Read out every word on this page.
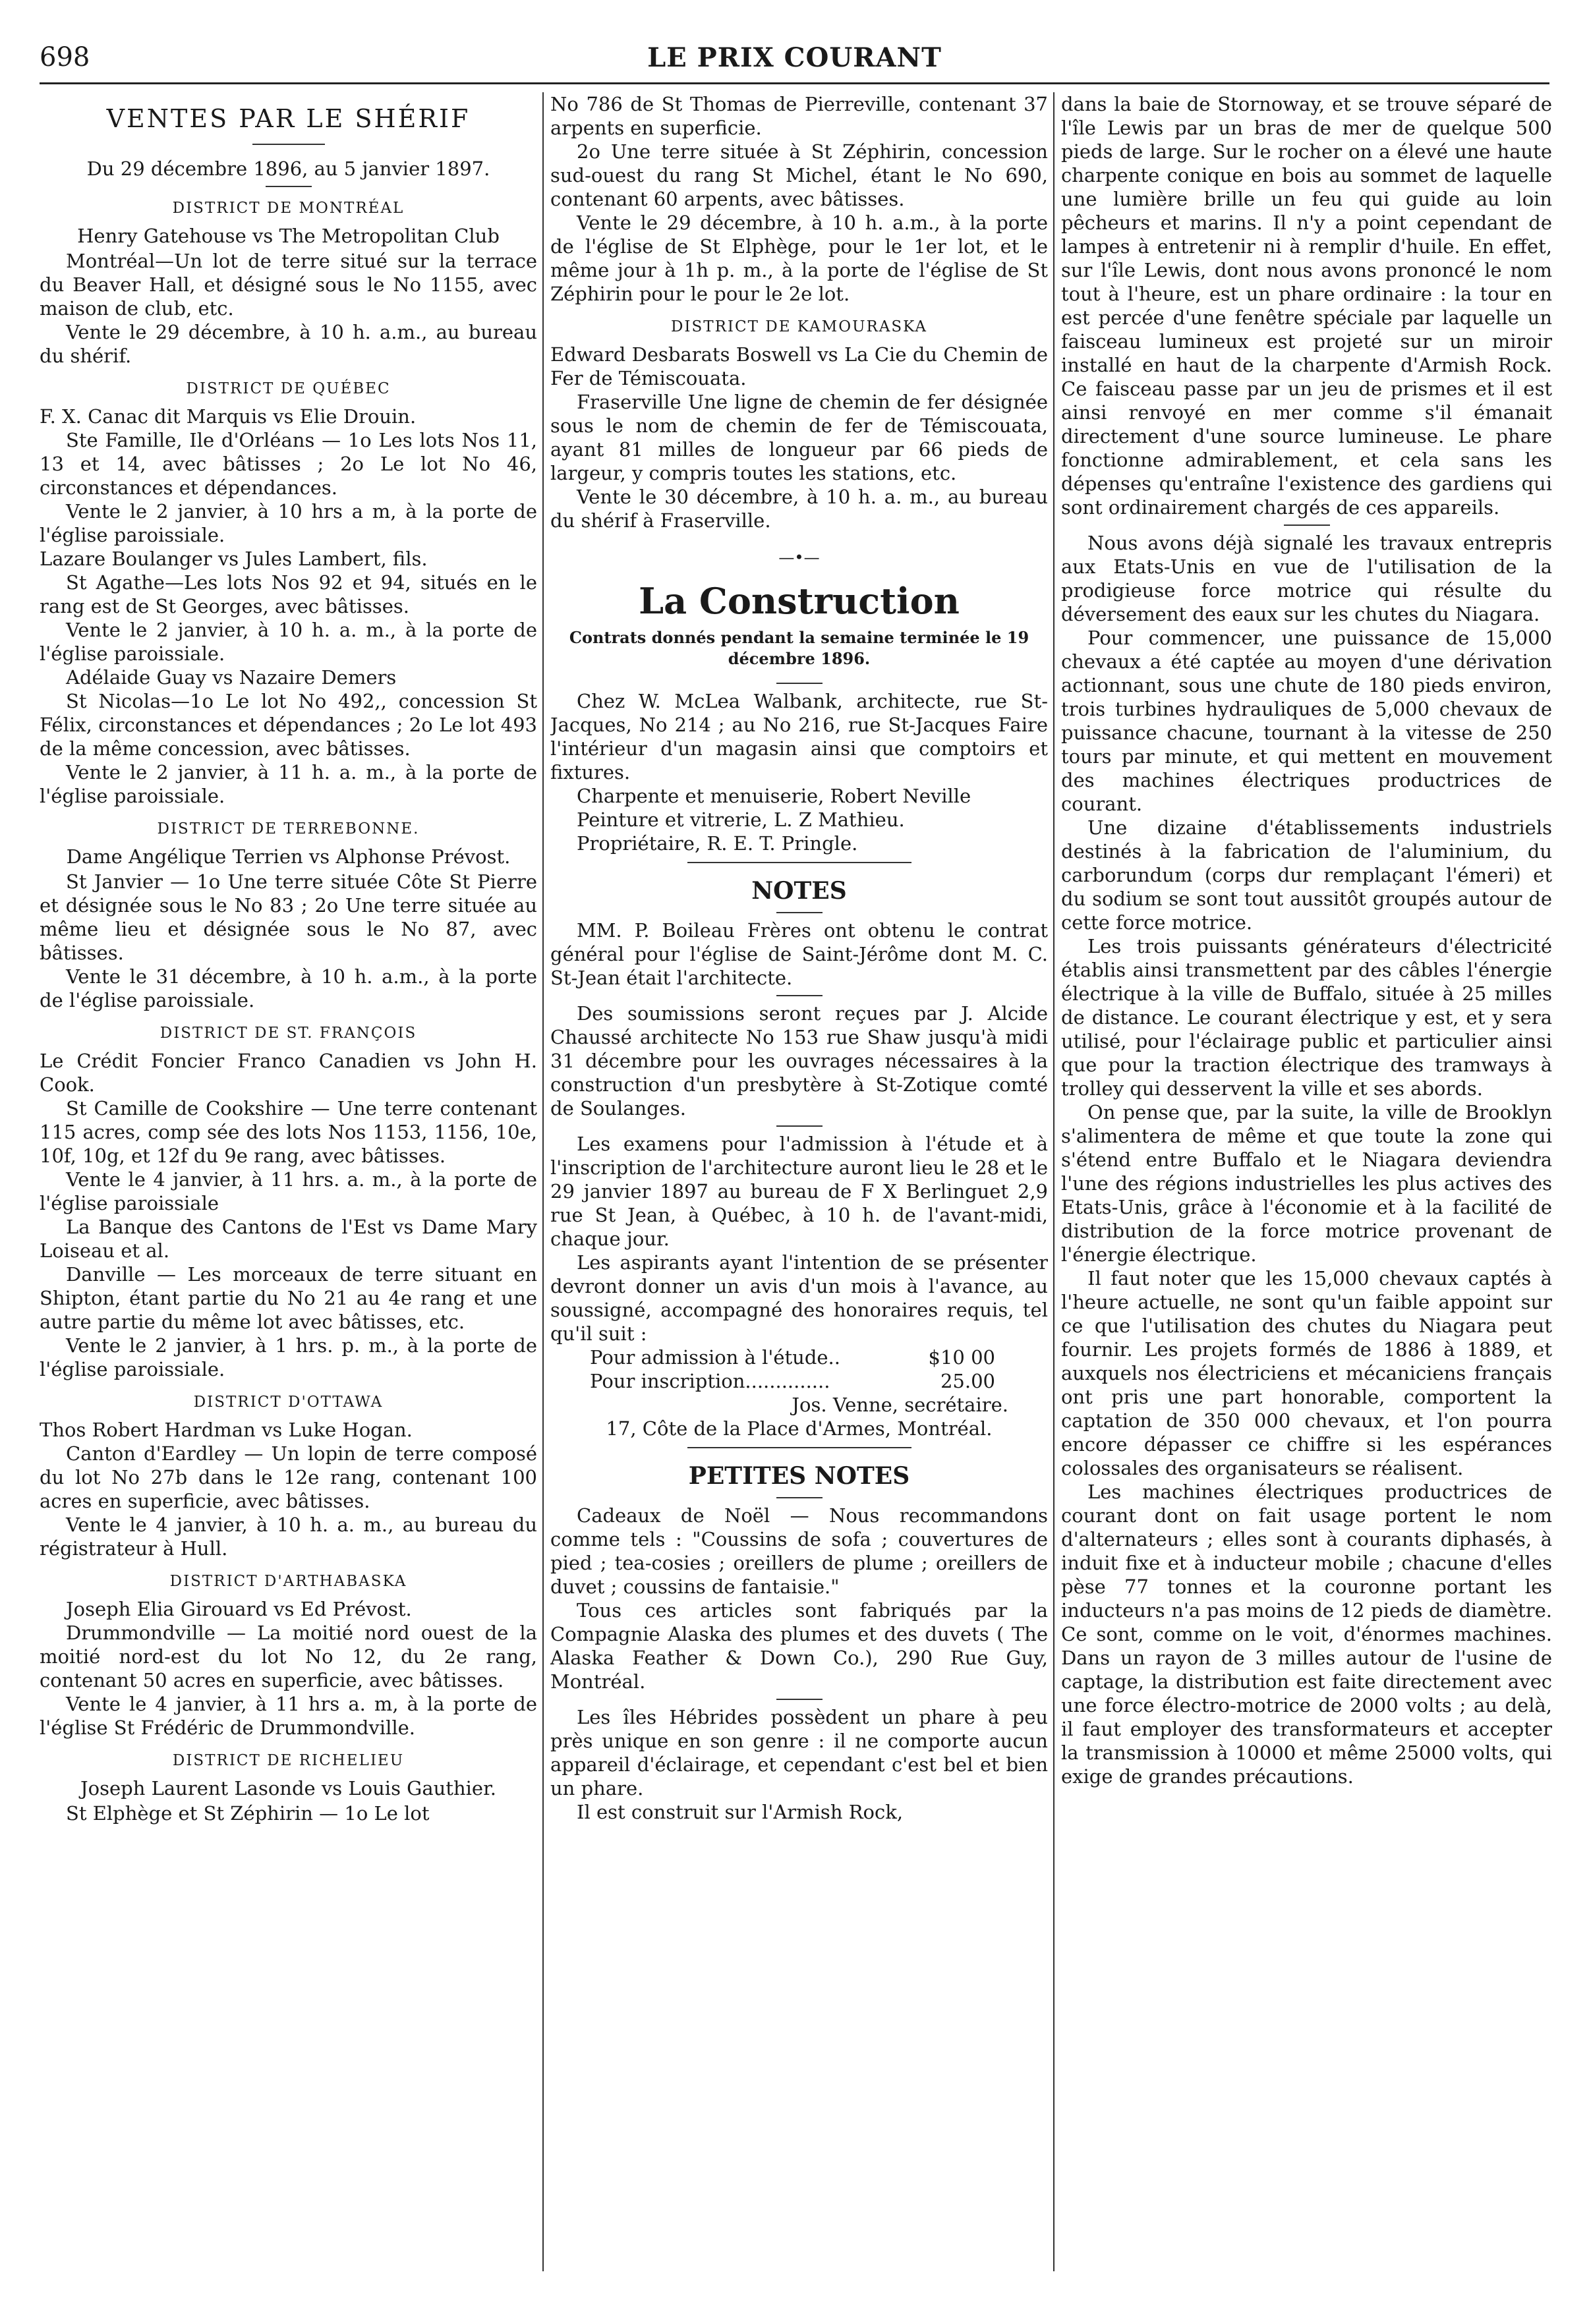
698	LE PRIX COURANT
VENTES PAR LE SHÉRIF

Du 29 décembre 1896, au 5 janvier 1897.

DISTRICT DE MONTRÉAL
Henry Gatehouse vs The Metropolitan Club

Montréal—Un lot de terre situé sur la terrace du Beaver Hall, et désigné sous le No 1155, avec maison de club, etc.

Vente le 29 décembre, à 10 h. a.m., au bureau du shérif.

DISTRICT DE QUÉBEC

F. X. Canac dit Marquis vs Elie Drouin.

Ste Famille, Ile d'Orléans — 1o Les lots Nos 11, 13 et 14, avec bâtisses ; 2o Le lot No 46, circonstances et dépendances.

Vente le 2 janvier, à 10 hrs a m, à la porte de l'église paroissiale.

Lazare Boulanger vs Jules Lambert, fils.

St Agathe—Les lots Nos 92 et 94, situés en le rang est de St Georges, avec bâtisses.

Vente le 2 janvier, à 10 h. a. m., à la porte de l'église paroissiale.

Adélaide Guay vs Nazaire Demers

St Nicolas—1o Le lot No 492,, concession St Félix, circonstances et dépendances ; 2o Le lot 493 de la même concession, avec bâtisses.

Vente le 2 janvier, à 11 h. a. m., à la porte de l'église paroissiale.

DISTRICT DE TERREBONNE.
Dame Angélique Terrien vs Alphonse Prévost.

St Janvier — 1o Une terre située Côte St Pierre et désignée sous le No 83 ; 2o Une terre située au même lieu et désignée sous le No 87, avec bâtisses.

Vente le 31 décembre, à 10 h. a.m., à la porte de l'église paroissiale.

DISTRICT DE ST. FRANÇOIS

Le Crédit Foncier Franco Canadien vs John H. Cook.

St Camille de Cookshire — Une terre contenant 115 acres, comp sée des lots Nos 1153, 1156, 10e, 10f, 10g, et 12f du 9e rang, avec bâtisses.

Vente le 4 janvier, à 11 hrs. a. m., à la porte de l'église paroissiale

La Banque des Cantons de l'Est vs Dame Mary Loiseau et al.

Danville — Les morceaux de terre situant en Shipton, étant partie du No 21 au 4e rang et une autre partie du même lot avec bâtisses, etc.

Vente le 2 janvier, à 1 hrs. p. m., à la porte de l'église paroissiale.

DISTRICT D'OTTAWA

Thos Robert Hardman vs Luke Hogan.

Canton d'Eardley — Un lopin de terre composé du lot No 27b dans le 12e rang, contenant 100 acres en superficie, avec bâtisses.

Vente le 4 janvier, à 10 h. a. m., au bureau du régistrateur à Hull.

DISTRICT D'ARTHABASKA

Joseph Elia Girouard vs Ed Prévost.

Drummondville — La moitié nord ouest de la moitié nord-est du lot No 12, du 2e rang, contenant 50 acres en superficie, avec bâtisses.

Vente le 4 janvier, à 11 hrs a. m, à la porte de l'église St Frédéric de Drummondville.

DISTRICT DE RICHELIEU
Joseph Laurent Lasonde vs Louis Gauthier.

St Elphège et St Zéphirin — 1o Le lot

No 786 de St Thomas de Pierreville, contenant 37 arpents en superficie.

2o Une terre située à St Zéphirin, concession sud-ouest du rang St Michel, étant le No 690, contenant 60 arpents, avec bâtisses.

Vente le 29 décembre, à 10 h. a.m., à la porte de l'église de St Elphège, pour le 1er lot, et le même jour à 1h p. m., à la porte de l'église de St Zéphirin pour le pour le 2e lot.

DISTRICT DE KAMOURASKA

Edward Desbarats Boswell vs La Cie du Chemin de Fer de Témiscouata.

Fraserville Une ligne de chemin de fer désignée sous le nom de chemin de fer de Témiscouata, ayant 81 milles de longueur par 66 pieds de largeur, y compris toutes les stations, etc.

Vente le 30 décembre, à 10 h. a. m., au bureau du shérif à Fraserville.

—•—
La Construction
Contrats donnés pendant la semaine terminée le 19 décembre 1896.

Chez W. McLea Walbank, architecte, rue St-Jacques, No 214 ; au No 216, rue St-Jacques Faire l'intérieur d'un magasin ainsi que comptoirs et fixtures.

Charpente et menuiserie, Robert Neville

Peinture et vitrerie, L. Z Mathieu.

Propriétaire, R. E. T. Pringle.

NOTES

MM. P. Boileau Frères ont obtenu le contrat général pour l'église de Saint-Jérôme dont M. C. St-Jean était l'architecte.

Des soumissions seront reçues par J. Alcide Chaussé architecte No 153 rue Shaw jusqu'à midi 31 décembre pour les ouvrages nécessaires à la construction d'un presbytère à St-Zotique comté de Soulanges.

Les examens pour l'admission à l'étude et à l'inscription de l'architecture auront lieu le 28 et le 29 janvier 1897 au bureau de F X Berlinguet 2,9 rue St Jean, à Québec, à 10 h. de l'avant-midi, chaque jour.

Les aspirants ayant l'intention de se présenter devront donner un avis d'un mois à l'avance, au soussigné, accompagné des honoraires requis, tel qu'il suit :

Pour admission à l'étude..	$10 00
Pour inscription..............	25.00
Jos. Venne, secrétaire.
17, Côte de la Place d'Armes, Montréal.
PETITES NOTES

Cadeaux de Noël — Nous recommandons comme tels : "Coussins de sofa ; couvertures de pied ; tea-cosies ; oreillers de plume ; oreillers de duvet ; coussins de fantaisie."

Tous ces articles sont fabriqués par la Compagnie Alaska des plumes et des duvets ( The Alaska Feather & Down Co.), 290 Rue Guy, Montréal.

Les îles Hébrides possèdent un phare à peu près unique en son genre : il ne comporte aucun appareil d'éclairage, et cependant c'est bel et bien un phare.

Il est construit sur l'Armish Rock,

dans la baie de Stornoway, et se trouve séparé de l'île Lewis par un bras de mer de quelque 500 pieds de large. Sur le rocher on a élevé une haute charpente conique en bois au sommet de laquelle une lumière brille un feu qui guide au loin pêcheurs et marins. Il n'y a point cependant de lampes à entretenir ni à remplir d'huile. En effet, sur l'île Lewis, dont nous avons prononcé le nom tout à l'heure, est un phare ordinaire : la tour en est percée d'une fenêtre spéciale par laquelle un faisceau lumineux est projeté sur un miroir installé en haut de la charpente d'Armish Rock. Ce faisceau passe par un jeu de prismes et il est ainsi renvoyé en mer comme s'il émanait directement d'une source lumineuse. Le phare fonctionne admirablement, et cela sans les dépenses qu'entraîne l'existence des gardiens qui sont ordinairement chargés de ces appareils.

Nous avons déjà signalé les travaux entrepris aux Etats-Unis en vue de l'utilisation de la prodigieuse force motrice qui résulte du déversement des eaux sur les chutes du Niagara.

Pour commencer, une puissance de 15,000 chevaux a été captée au moyen d'une dérivation actionnant, sous une chute de 180 pieds environ, trois turbines hydrauliques de 5,000 chevaux de puissance chacune, tournant à la vitesse de 250 tours par minute, et qui mettent en mouvement des machines électriques productrices de courant.

Une dizaine d'établissements industriels destinés à la fabrication de l'aluminium, du carborundum (corps dur remplaçant l'émeri) et du sodium se sont tout aussitôt groupés autour de cette force motrice.

Les trois puissants générateurs d'électricité établis ainsi transmettent par des câbles l'énergie électrique à la ville de Buffalo, située à 25 milles de distance. Le courant électrique y est, et y sera utilisé, pour l'éclairage public et particulier ainsi que pour la traction électrique des tramways à trolley qui desservent la ville et ses abords.

On pense que, par la suite, la ville de Brooklyn s'alimentera de même et que toute la zone qui s'étend entre Buffalo et le Niagara deviendra l'une des régions industrielles les plus actives des Etats-Unis, grâce à l'économie et à la facilité de distribution de la force motrice provenant de l'énergie électrique.

Il faut noter que les 15,000 chevaux captés à l'heure actuelle, ne sont qu'un faible appoint sur ce que l'utilisation des chutes du Niagara peut fournir. Les projets formés de 1886 à 1889, et auxquels nos électriciens et mécaniciens français ont pris une part honorable, comportent la captation de 350 000 chevaux, et l'on pourra encore dépasser ce chiffre si les espérances colossales des organisateurs se réalisent.

Les machines électriques productrices de courant dont on fait usage portent le nom d'alternateurs ; elles sont à courants diphasés, à induit fixe et à inducteur mobile ; chacune d'elles pèse 77 tonnes et la couronne portant les inducteurs n'a pas moins de 12 pieds de diamètre. Ce sont, comme on le voit, d'énormes machines. Dans un rayon de 3 milles autour de l'usine de captage, la distribution est faite directement avec une force électro-motrice de 2000 volts ; au delà, il faut employer des transformateurs et accepter la transmission à 10000 et même 25000 volts, qui exige de grandes précautions.
